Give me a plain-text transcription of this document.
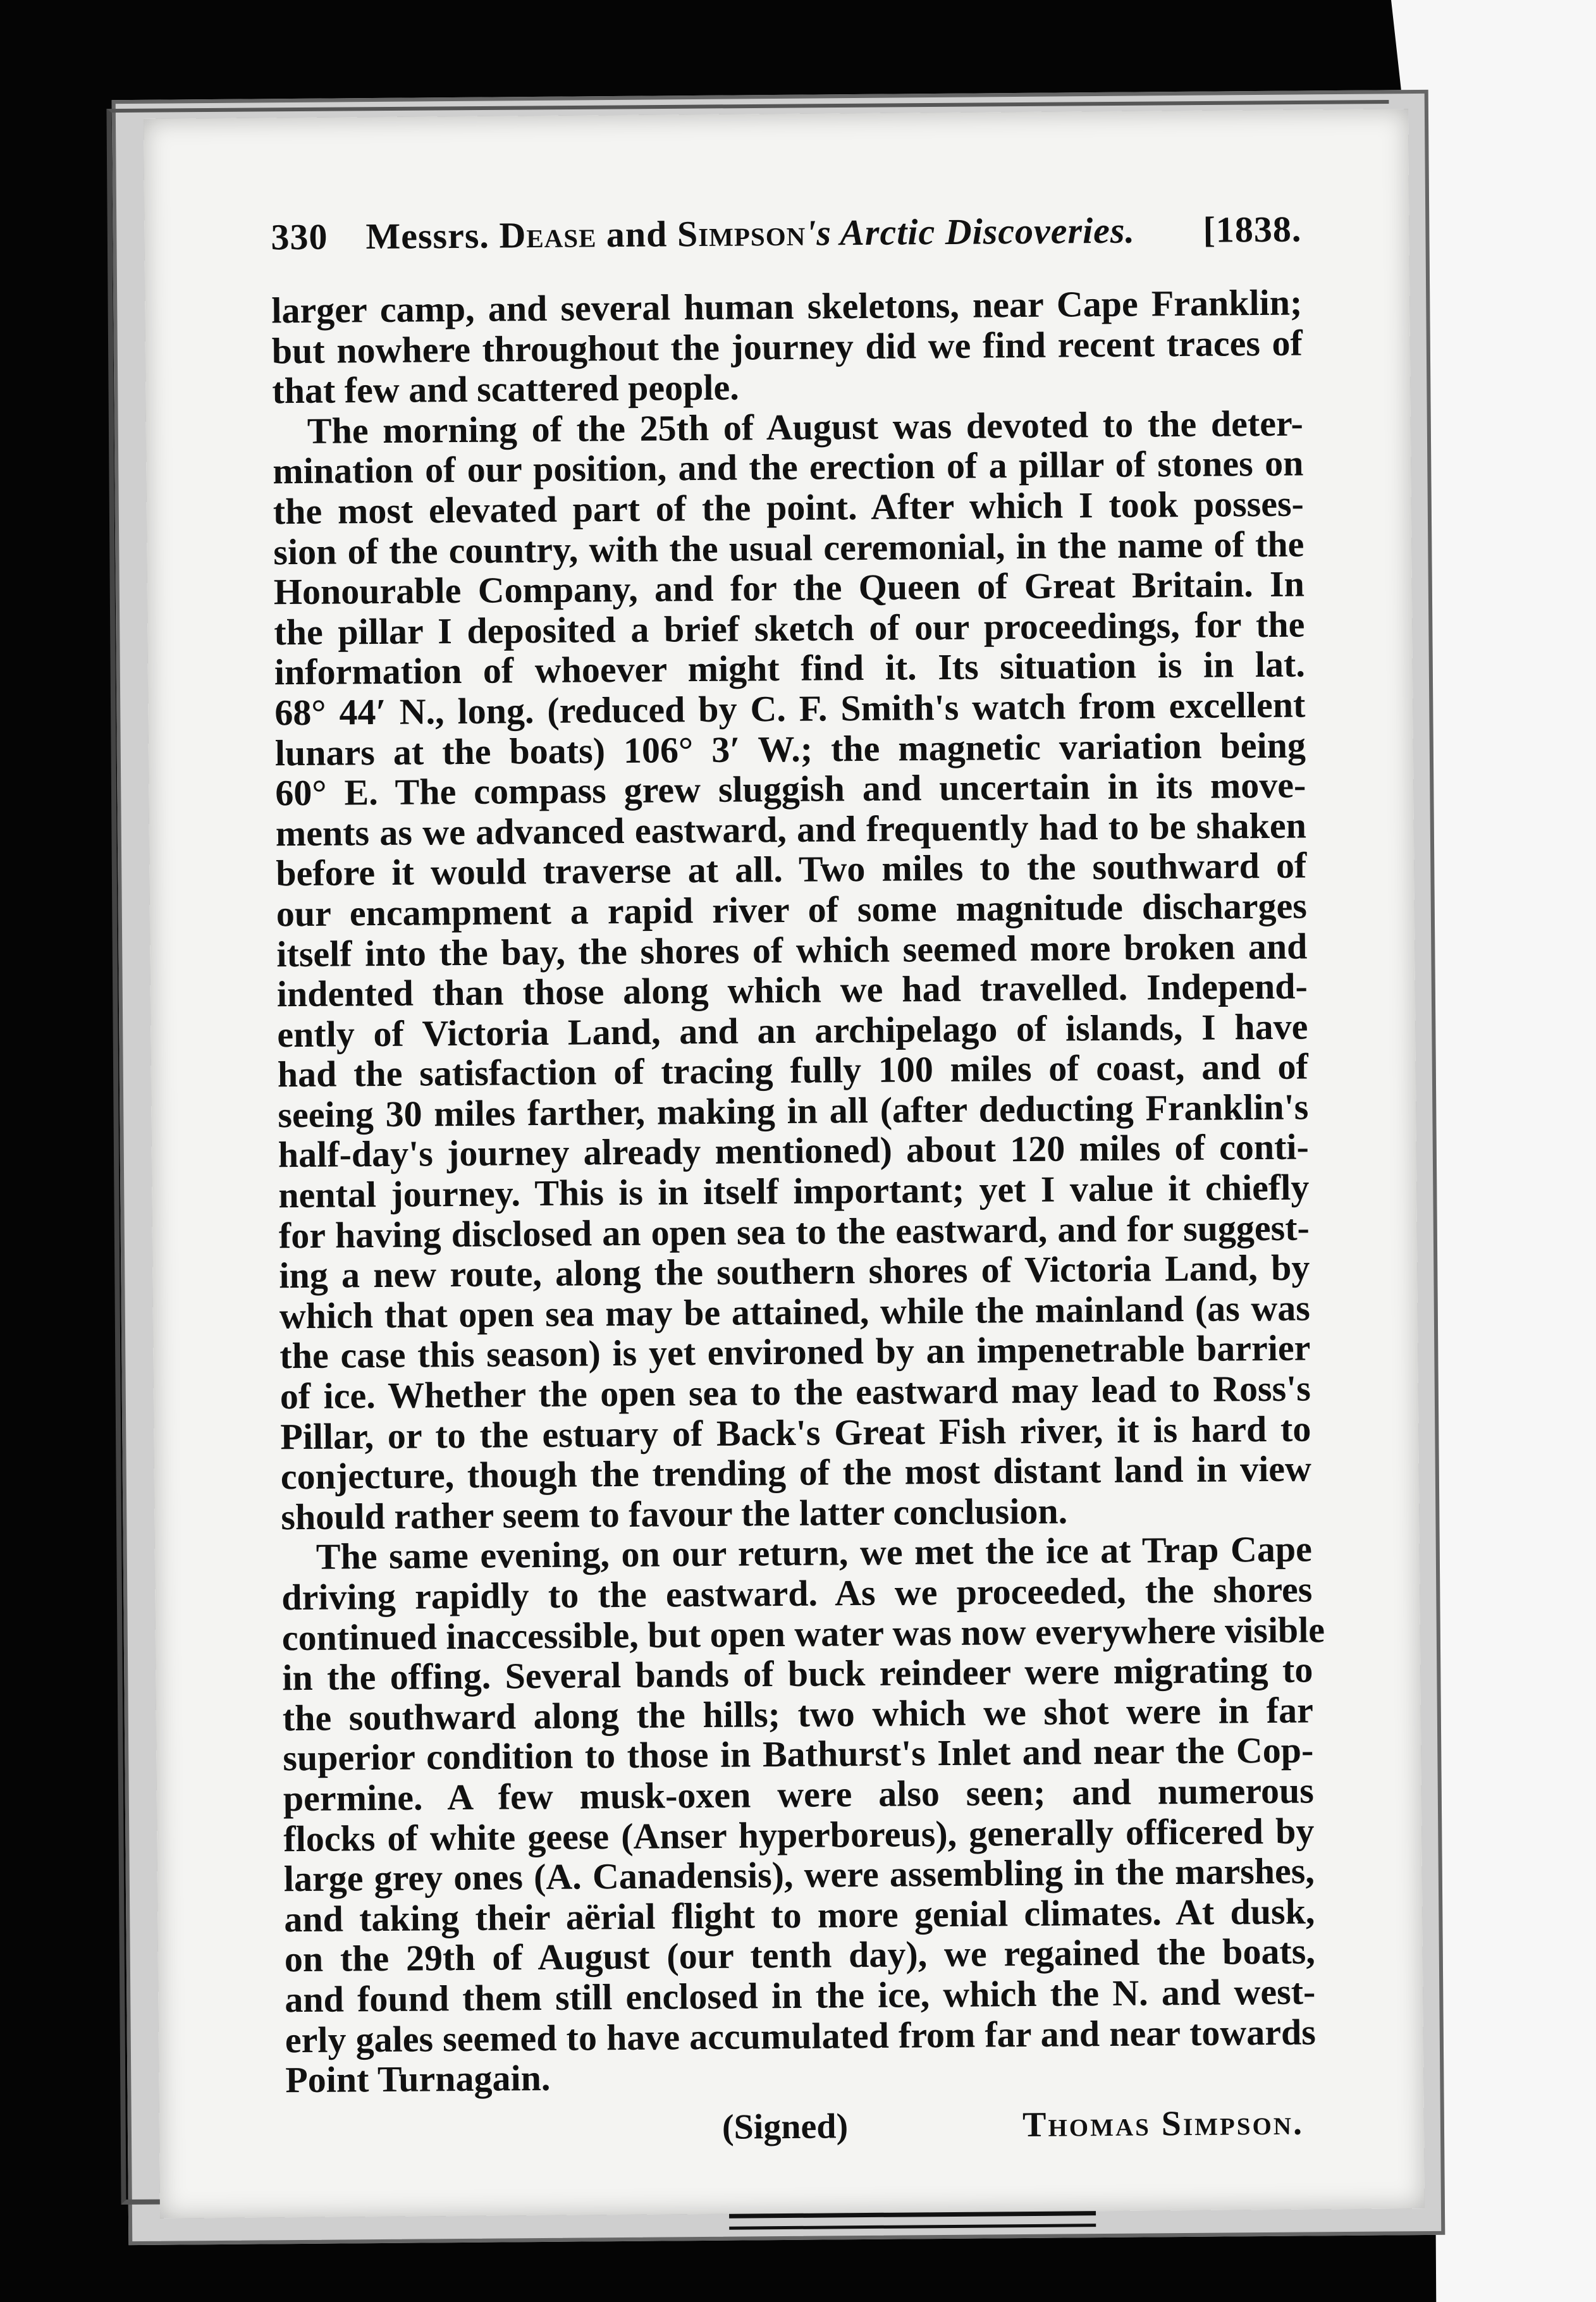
330	Messrs. Dease and Simpson's Arctic Discoveries.	[1838.
larger camp, and several human skeletons, near Cape Franklin;
but nowhere throughout the journey did we find recent traces of
that few and scattered people.
The morning of the 25th of August was devoted to the deter-
mination of our position, and the erection of a pillar of stones on
the most elevated part of the point. After which I took posses-
sion of the country, with the usual ceremonial, in the name of the
Honourable Company, and for the Queen of Great Britain. In
the pillar I deposited a brief sketch of our proceedings, for the
information of whoever might find it. Its situation is in lat.
68° 44′ N., long. (reduced by C. F. Smith's watch from excellent
lunars at the boats) 106° 3′ W.; the magnetic variation being
60° E. The compass grew sluggish and uncertain in its move-
ments as we advanced eastward, and frequently had to be shaken
before it would traverse at all. Two miles to the southward of
our encampment a rapid river of some magnitude discharges
itself into the bay, the shores of which seemed more broken and
indented than those along which we had travelled. Independ-
ently of Victoria Land, and an archipelago of islands, I have
had the satisfaction of tracing fully 100 miles of coast, and of
seeing 30 miles farther, making in all (after deducting Franklin's
half-day's journey already mentioned) about 120 miles of conti-
nental journey. This is in itself important; yet I value it chiefly
for having disclosed an open sea to the eastward, and for suggest-
ing a new route, along the southern shores of Victoria Land, by
which that open sea may be attained, while the mainland (as was
the case this season) is yet environed by an impenetrable barrier
of ice. Whether the open sea to the eastward may lead to Ross's
Pillar, or to the estuary of Back's Great Fish river, it is hard to
conjecture, though the trending of the most distant land in view
should rather seem to favour the latter conclusion.
The same evening, on our return, we met the ice at Trap Cape
driving rapidly to the eastward. As we proceeded, the shores
continued inaccessible, but open water was now everywhere visible
in the offing. Several bands of buck reindeer were migrating to
the southward along the hills; two which we shot were in far
superior condition to those in Bathurst's Inlet and near the Cop-
permine. A few musk-oxen were also seen; and numerous
flocks of white geese (Anser hyperboreus), generally officered by
large grey ones (A. Canadensis), were assembling in the marshes,
and taking their aërial flight to more genial climates. At dusk,
on the 29th of August (our tenth day), we regained the boats,
and found them still enclosed in the ice, which the N. and west-
erly gales seemed to have accumulated from far and near towards
Point Turnagain.
(Signed)	Thomas Simpson.
